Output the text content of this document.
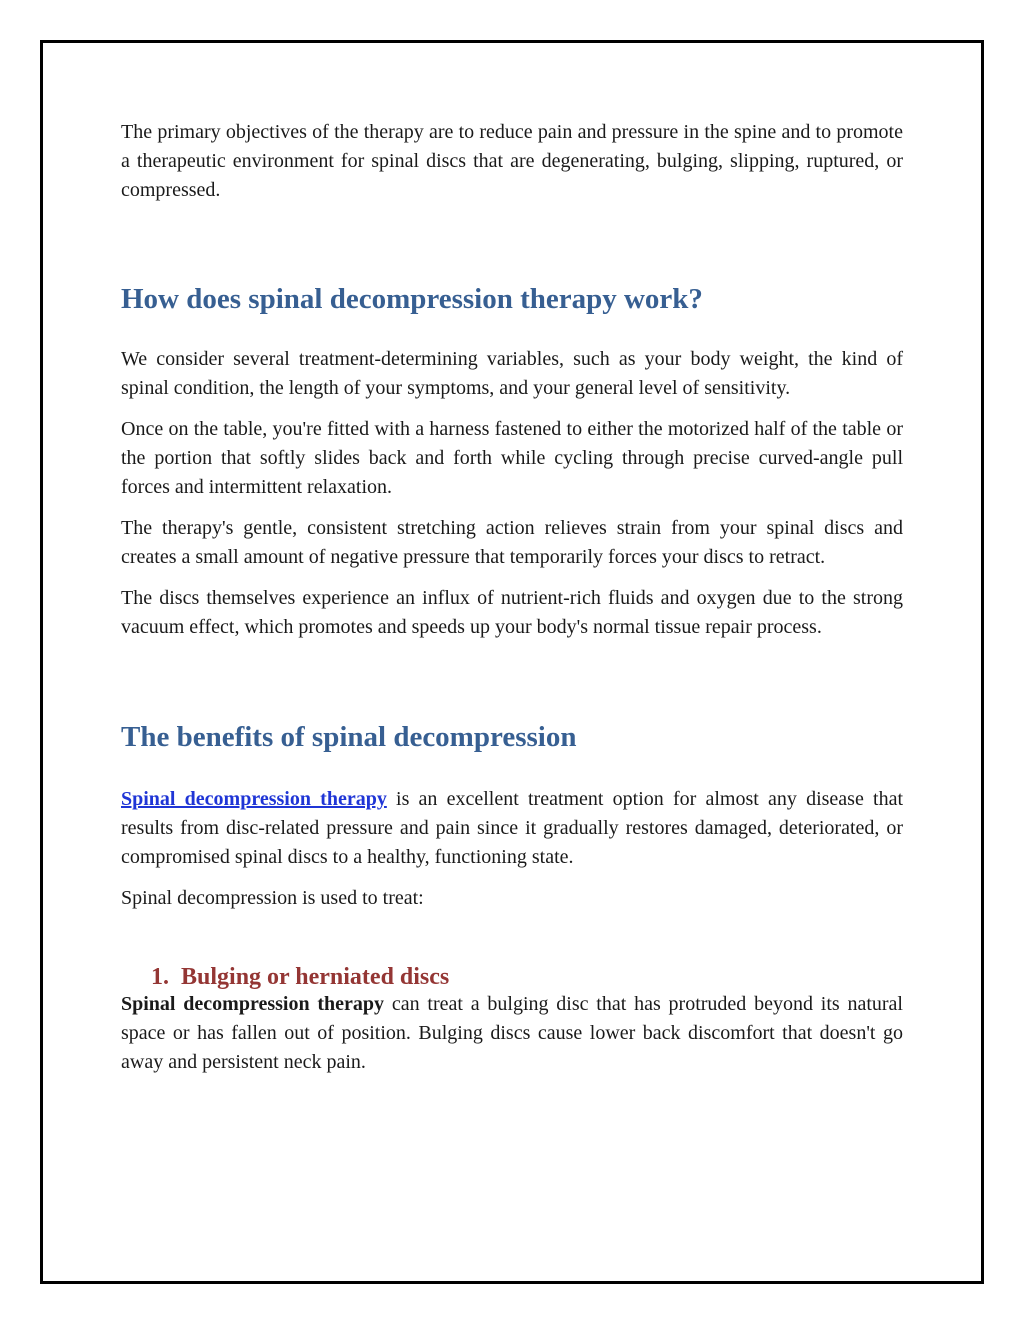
The primary objectives of the therapy are to reduce pain and pressure in the spine and to promote a therapeutic environment for spinal discs that are degenerating, bulging, slipping, ruptured, or compressed.

How does spinal decompression therapy work?

We consider several treatment-determining variables, such as your body weight, the kind of spinal condition, the length of your symptoms, and your general level of sensitivity.

Once on the table, you're fitted with a harness fastened to either the motorized half of the table or the portion that softly slides back and forth while cycling through precise curved-angle pull forces and intermittent relaxation.

The therapy's gentle, consistent stretching action relieves strain from your spinal discs and creates a small amount of negative pressure that temporarily forces your discs to retract.

The discs themselves experience an influx of nutrient-rich fluids and oxygen due to the strong vacuum effect, which promotes and speeds up your body's normal tissue repair process.

The benefits of spinal decompression

Spinal decompression therapy is an excellent treatment option for almost any disease that results from disc-related pressure and pain since it gradually restores damaged, deteriorated, or compromised spinal discs to a healthy, functioning state.

Spinal decompression is used to treat:

1. Bulging or herniated discs

Spinal decompression therapy can treat a bulging disc that has protruded beyond its natural space or has fallen out of position. Bulging discs cause lower back discomfort that doesn't go away and persistent neck pain.
